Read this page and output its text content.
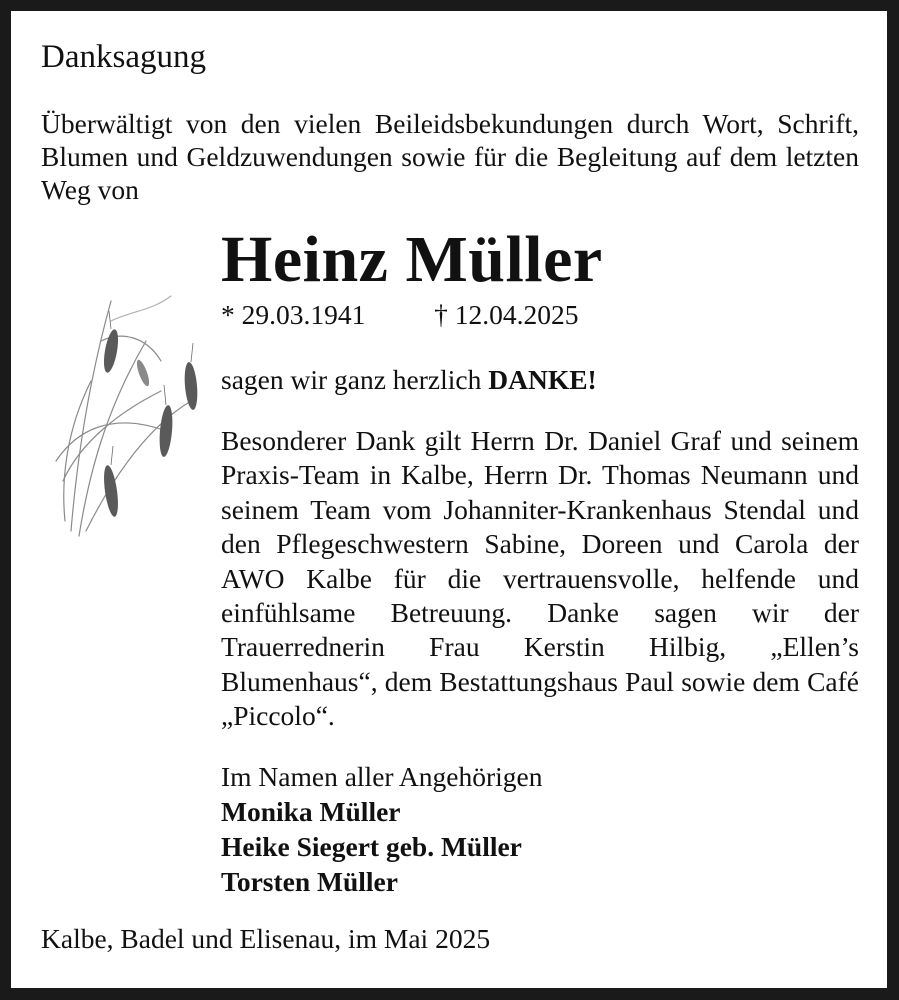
Danksagung
Überwältigt von den vielen Beileidsbekundungen durch Wort, Schrift, Blumen und Geldzuwendungen sowie für die Begleitung auf dem letzten Weg von
Heinz Müller
* 29.03.1941	† 12.04.2025
sagen wir ganz herzlich DANKE!
Besonderer Dank gilt Herrn Dr. Daniel Graf und seinem Praxis-Team in Kalbe, Herrn Dr. Thomas Neumann und seinem Team vom Johanniter-Krankenhaus Stendal und den Pflegeschwestern Sabine, Doreen und Carola der AWO Kalbe für die vertrauensvolle, helfende und einfühlsame Betreuung. Danke sagen wir der Trauerrednerin Frau Kerstin Hilbig, „Ellen’s Blumenhaus“, dem Bestattungshaus Paul sowie dem Café „Piccolo“.
Im Namen aller Angehörigen
Monika Müller
Heike Siegert geb. Müller
Torsten Müller
Kalbe, Badel und Elisenau, im Mai 2025
